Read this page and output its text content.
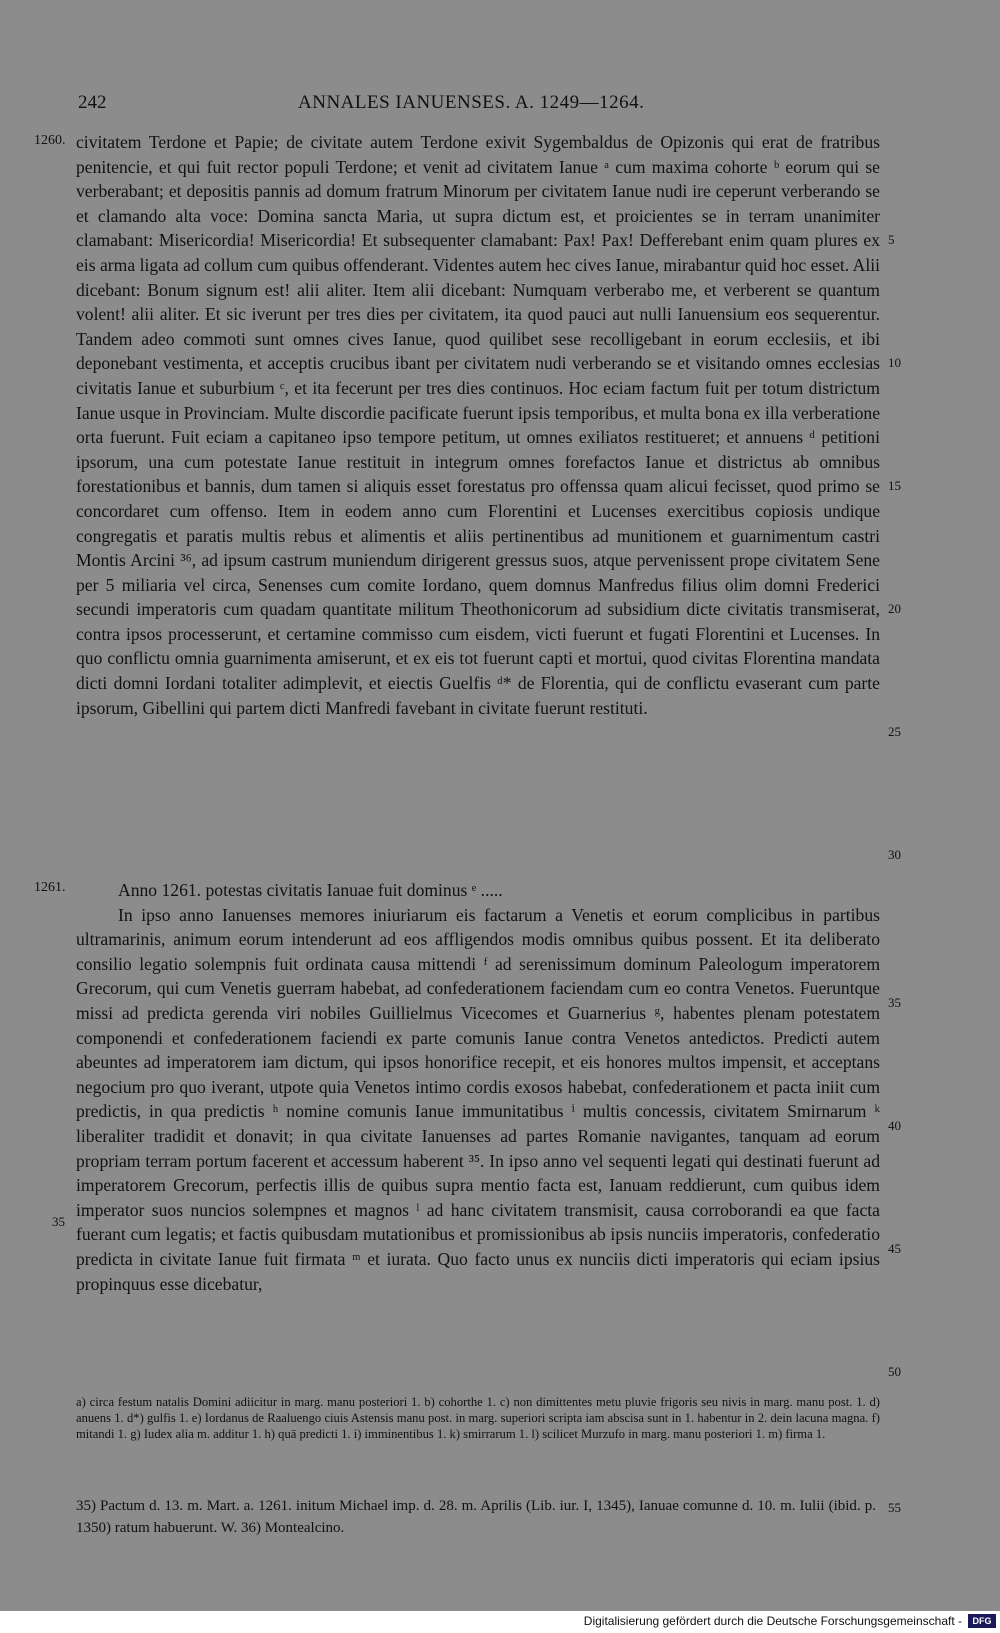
242	ANNALES IANUENSES. A. 1249—1264.
1260.
1261.
5
10
15
20
25
30
35
40
45
50
35

civitatem Terdone et Papie; de civitate autem Terdone exivit Sygembaldus de Opizonis qui erat de fratribus penitencie, et qui fuit rector populi Terdone; et venit ad civitatem Ianue ᵃ cum maxima cohorte ᵇ eorum qui se verberabant; et depositis pannis ad domum fratrum Minorum per civitatem Ianue nudi ire ceperunt verberando se et clamando alta voce: Domina sancta Maria, ut supra dictum est, et proicientes se in terram unanimiter clamabant: Misericordia! Misericordia! Et subsequenter clamabant: Pax! Pax! Defferebant enim quam plures ex eis arma ligata ad collum cum quibus offenderant. Videntes autem hec cives Ianue, mirabantur quid hoc esset. Alii dicebant: Bonum signum est! alii aliter. Item alii dicebant: Numquam verberabo me, et verberent se quantum volent! alii aliter. Et sic iverunt per tres dies per civitatem, ita quod pauci aut nulli Ianuensium eos sequerentur. Tandem adeo commoti sunt omnes cives Ianue, quod quilibet sese recolligebant in eorum ecclesiis, et ibi deponebant vestimenta, et acceptis crucibus ibant per civitatem nudi verberando se et visitando omnes ecclesias civitatis Ianue et suburbium ᶜ, et ita fecerunt per tres dies continuos. Hoc eciam factum fuit per totum districtum Ianue usque in Provinciam. Multe discordie pacificate fuerunt ipsis temporibus, et multa bona ex illa verberatione orta fuerunt. Fuit eciam a capitaneo ipso tempore petitum, ut omnes exiliatos restitueret; et annuens ᵈ petitioni ipsorum, una cum potestate Ianue restituit in integrum omnes forefactos Ianue et districtus ab omnibus forestationibus et bannis, dum tamen si aliquis esset forestatus pro offenssa quam alicui fecisset, quod primo se concordaret cum offenso. Item in eodem anno cum Florentini et Lucenses exercitibus copiosis undique congregatis et paratis multis rebus et alimentis et aliis pertinentibus ad munitionem et guarnimentum castri Montis Arcini ³⁶, ad ipsum castrum muniendum dirigerent gressus suos, atque pervenissent prope civitatem Sene per 5 miliaria vel circa, Senenses cum comite Iordano, quem domnus Manfredus filius olim domni Frederici secundi imperatoris cum quadam quantitate militum Theothonicorum ad subsidium dicte civitatis transmiserat, contra ipsos processerunt, et certamine commisso cum eisdem, victi fuerunt et fugati Florentini et Lucenses. In quo conflictu omnia guarnimenta amiserunt, et ex eis tot fuerunt capti et mortui, quod civitas Florentina mandata dicti domni Iordani totaliter adimplevit, et eiectis Guelfis ᵈ* de Florentia, qui de conflictu evaserant cum parte ipsorum, Gibellini qui partem dicti Manfredi favebant in civitate fuerunt restituti.

Anno 1261. potestas civitatis Ianuae fuit dominus ᵉ .....

In ipso anno Ianuenses memores iniuriarum eis factarum a Venetis et eorum complicibus in partibus ultramarinis, animum eorum intenderunt ad eos affligendos modis omnibus quibus possent. Et ita deliberato consilio legatio solempnis fuit ordinata causa mittendi ᶠ ad serenissimum dominum Paleologum imperatorem Grecorum, qui cum Venetis guerram habebat, ad confederationem faciendam cum eo contra Venetos. Fueruntque missi ad predicta gerenda viri nobiles Guillielmus Vicecomes et Guarnerius ᵍ, habentes plenam potestatem componendi et confederationem faciendi ex parte comunis Ianue contra Venetos antedictos. Predicti autem abeuntes ad imperatorem iam dictum, qui ipsos honorifice recepit, et eis honores multos impensit, et acceptans negocium pro quo iverant, utpote quia Venetos intimo cordis exosos habebat, confederationem et pacta iniit cum predictis, in qua predictis ʰ nomine comunis Ianue immunitatibus ⁱ multis concessis, civitatem Smirnarum ᵏ liberaliter tradidit et donavit; in qua civitate Ianuenses ad partes Romanie navigantes, tanquam ad eorum propriam terram portum facerent et accessum haberent ³⁵. In ipso anno vel sequenti legati qui destinati fuerunt ad imperatorem Grecorum, perfectis illis de quibus supra mentio facta est, Ianuam reddierunt, cum quibus idem imperator suos nuncios solempnes et magnos ˡ ad hanc civitatem transmisit, causa corroborandi ea que facta fuerant cum legatis; et factis quibusdam mutationibus et promissionibus ab ipsis nunciis imperatoris, confederatio predicta in civitate Ianue fuit firmata ᵐ et iurata. Quo facto unus ex nunciis dicti imperatoris qui eciam ipsius propinquus esse dicebatur,

a) circa festum natalis Domini adiicitur in marg. manu posteriori 1. b) cohorthe 1. c) non dimittentes metu pluvie frigoris seu nivis in marg. manu post. 1. d) anuens 1. d*) gulfis 1. e) Iordanus de Raaluengo ciuis Astensis manu post. in marg. superiori scripta iam abscisa sunt in 1. habentur in 2. dein lacuna magna. f) mitandi 1. g) Iudex alia m. additur 1. h) quā predicti 1. i) imminentibus 1. k) smirrarum 1. l) scilicet Murzufo in marg. manu posteriori 1. m) firma 1.

35) Pactum d. 13. m. Mart. a. 1261. initum Michael imp. d. 28. m. Aprilis (Lib. iur. I, 1345), Ianuae comunne d. 10. m. Iulii (ibid. p. 1350) ratum habuerunt. W. 36) Montealcino.

55
Digitalisierung gefördert durch die Deutsche Forschungsgemeinschaft -	DFG
